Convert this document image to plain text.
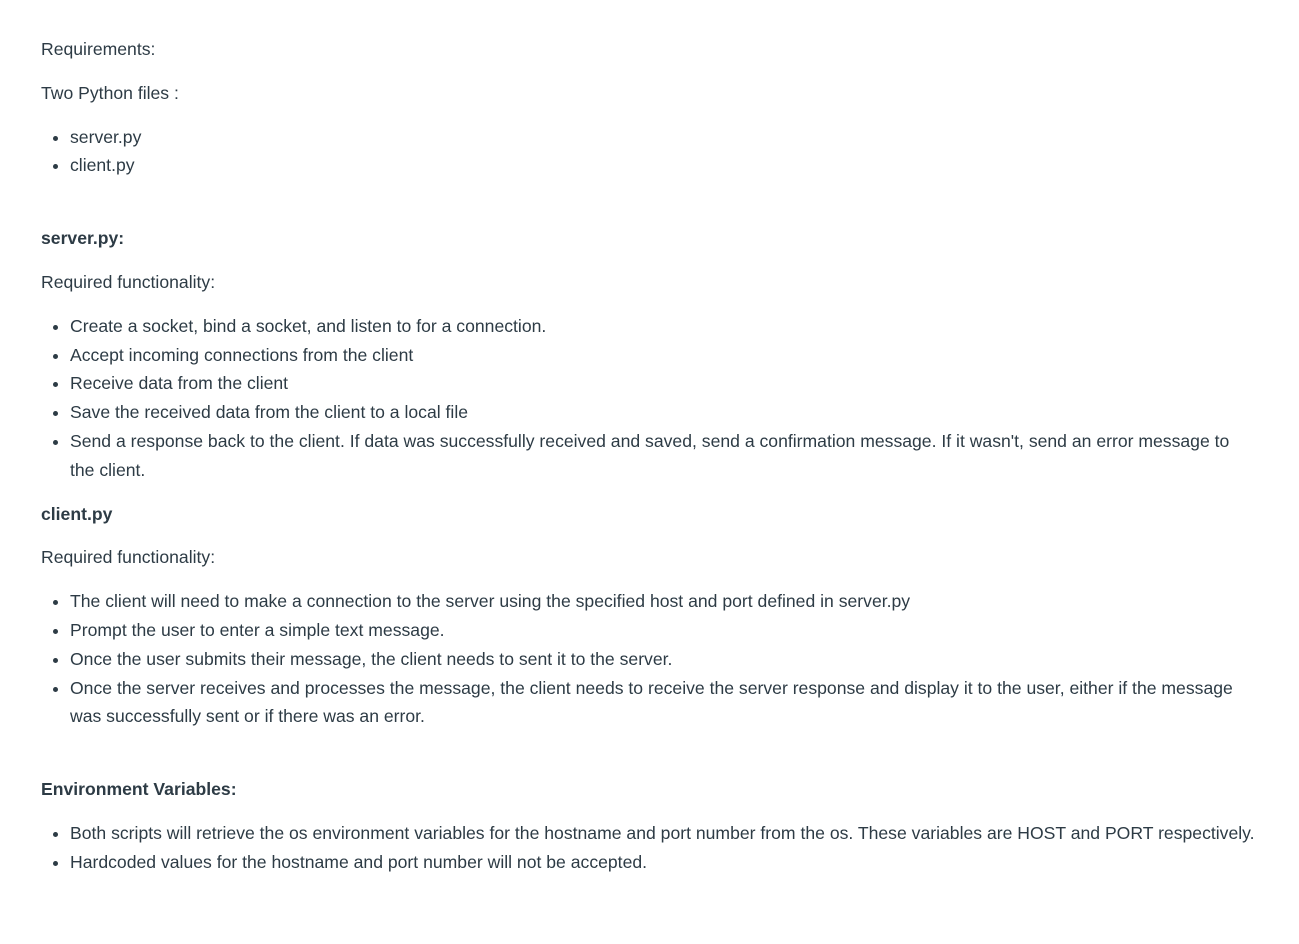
Requirements:

Two Python files :

• server.py
• client.py
server.py:

Required functionality:

• Create a socket, bind a socket, and listen to for a connection.
• Accept incoming connections from the client
• Receive data from the client
• Save the received data from the client to a local file
• Send a response back to the client. If data was successfully received and saved, send a confirmation message. If it wasn't, send an error message to the client.
client.py

Required functionality:

• The client will need to make a connection to the server using the specified host and port defined in server.py
• Prompt the user to enter a simple text message.
• Once the user submits their message, the client needs to sent it to the server.
• Once the server receives and processes the message, the client needs to receive the server response and display it to the user, either if the message was successfully sent or if there was an error.
Environment Variables:
• Both scripts will retrieve the os environment variables for the hostname and port number from the os. These variables are HOST and PORT respectively.
• Hardcoded values for the hostname and port number will not be accepted.
